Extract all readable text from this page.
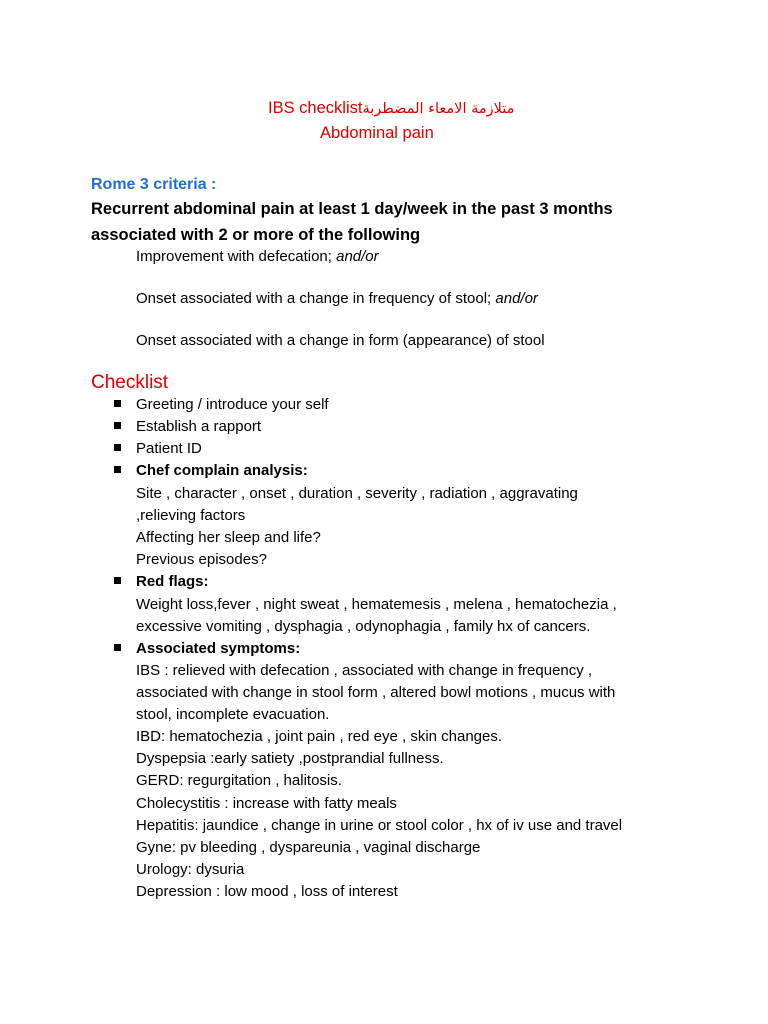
IBS checklistمتلازمة الامعاء المضطربة
Abdominal pain
Rome 3 criteria :
Recurrent abdominal pain at least 1 day/week in the past 3 months
associated with 2 or more of the following
Improvement with defecation; and/or
Onset associated with a change in frequency of stool; and/or
Onset associated with a change in form (appearance) of stool
Checklist
Greeting / introduce your self
Establish a rapport
Patient ID
Chef complain analysis:
Site , character , onset , duration , severity , radiation , aggravating
,relieving factors
Affecting her sleep and life?
Previous episodes?
Red flags:
Weight loss,fever , night sweat , hematemesis , melena , hematochezia ,
excessive vomiting , dysphagia , odynophagia , family hx of cancers.
Associated symptoms:
IBS : relieved with defecation , associated with change in frequency ,
associated with change in stool form , altered bowl motions , mucus with
stool, incomplete evacuation.
IBD: hematochezia , joint pain , red eye , skin changes.
Dyspepsia :early satiety ,postprandial fullness.
GERD: regurgitation , halitosis.
Cholecystitis : increase with fatty meals
Hepatitis: jaundice , change in urine or stool color , hx of iv use and travel
Gyne: pv bleeding , dyspareunia , vaginal discharge
Urology: dysuria
Depression : low mood , loss of interest
